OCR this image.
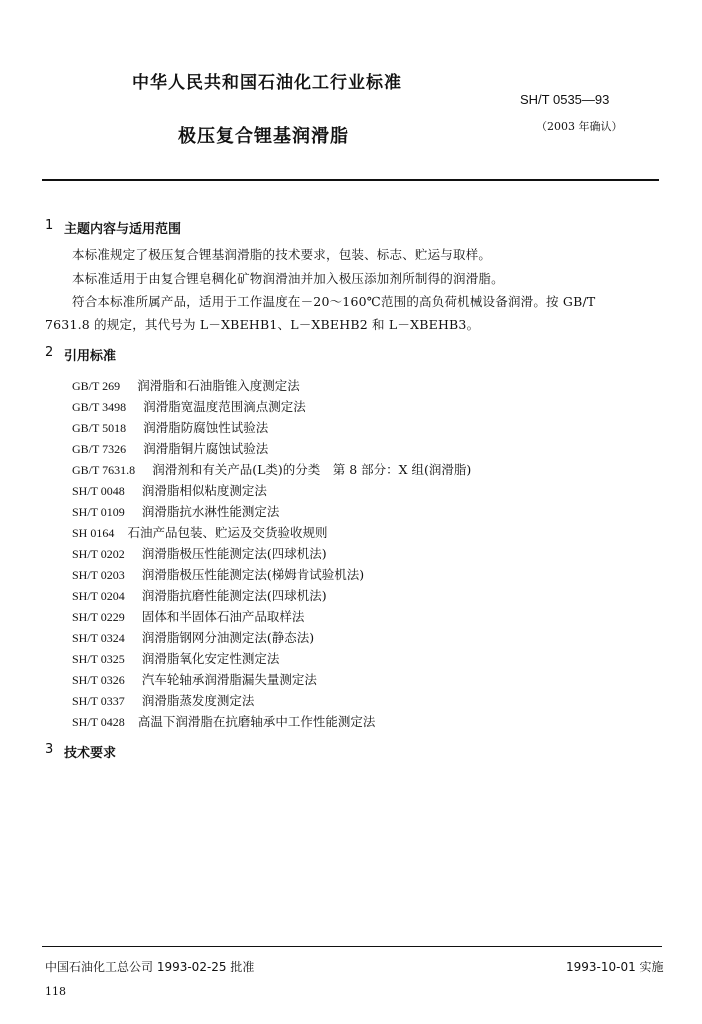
中华人民共和国石油化工行业标准
SH/T 0535—93
极压复合锂基润滑脂	（2003 年确认）
1 主题内容与适用范围
本标准规定了极压复合锂基润滑脂的技术要求，包装、标志、贮运与取样。
本标准适用于由复合锂皂稠化矿物润滑油并加入极压添加剂所制得的润滑脂。
符合本标准所属产品，适用于工作温度在－20～160℃范围的高负荷机械设备润滑。按 GB/T
7631.8 的规定，其代号为 L－XBEHB1、L－XBEHB2 和 L－XBEHB3。
2 引用标准
GB/T 269 润滑脂和石油脂锥入度测定法
GB/T 3498 润滑脂宽温度范围滴点测定法
GB/T 5018 润滑脂防腐蚀性试验法
GB/T 7326 润滑脂铜片腐蚀试验法
GB/T 7631.8 润滑剂和有关产品(L类)的分类　第 8 部分：X 组(润滑脂)
SH/T 0048 润滑脂相似粘度测定法
SH/T 0109 润滑脂抗水淋性能测定法
SH 0164 石油产品包装、贮运及交货验收规则
SH/T 0202 润滑脂极压性能测定法(四球机法)
SH/T 0203 润滑脂极压性能测定法(梯姆肯试验机法)
SH/T 0204 润滑脂抗磨性能测定法(四球机法)
SH/T 0229 固体和半固体石油产品取样法
SH/T 0324 润滑脂钢网分油测定法(静态法)
SH/T 0325 润滑脂氧化安定性测定法
SH/T 0326 汽车轮轴承润滑脂漏失量测定法
SH/T 0337 润滑脂蒸发度测定法
SH/T 0428 高温下润滑脂在抗磨轴承中工作性能测定法
3 技术要求
中国石油化工总公司 1993-02-25 批准	1993-10-01 实施
118
